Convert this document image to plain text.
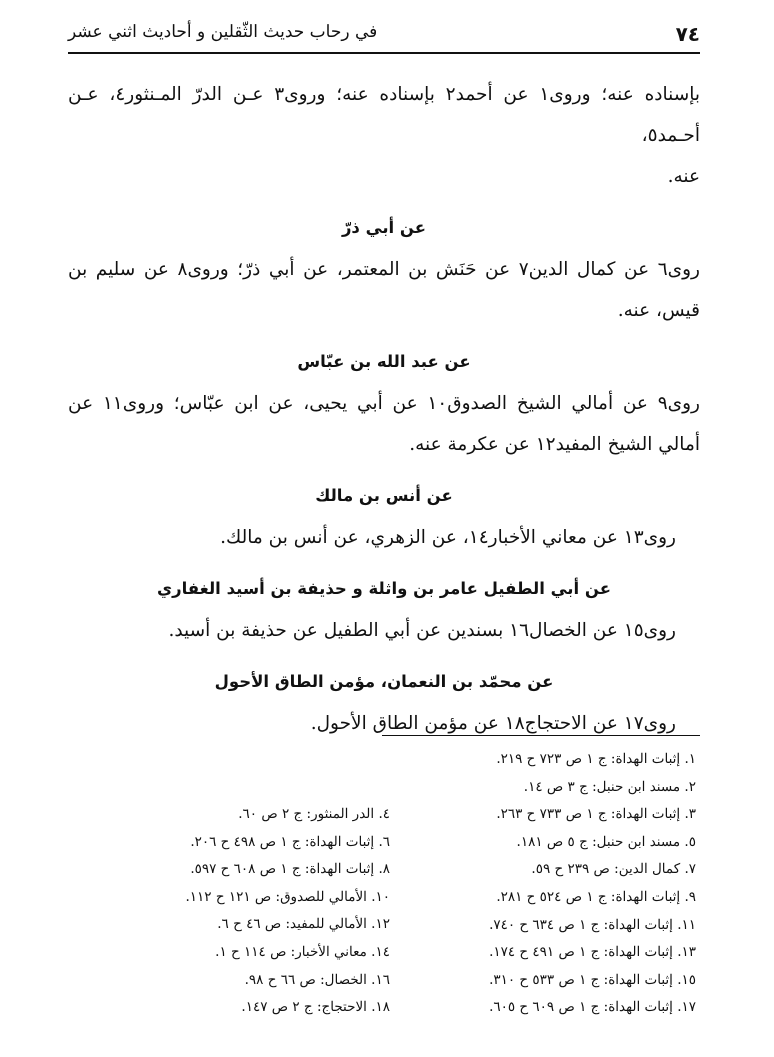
٧٤
في رحاب حديث الثّقلين و أحاديث اثني عشر

بإسناده عنه؛ وروى١ عن أحمد٢ بإسناده عنه؛ وروى٣ عـن الدرّ المـنثور٤، عـن أحـمد٥،
عنه.

عن أبي ذرّ

روى٦ عن كمال الدين٧ عن حَنَش بن المعتمر، عن أبي ذرّ؛ وروى٨ عن سليم بن قيس، عنه.

عن عبد الله بن عبّاس

روى٩ عن أمالي الشيخ الصدوق١٠ عن أبي يحيى، عن ابن عبّاس؛ وروى١١ عن أمالي الشيخ المفيد١٢ عن عكرمة عنه.

عن أنس بن مالك

روى١٣ عن معاني الأخبار١٤، عن الزهري، عن أنس بن مالك.

عن أبي الطفيل عامر بن واثلة و حذيفة بن أسيد الغفاري

روى١٥ عن الخصال١٦ بسندين عن أبي الطفيل عن حذيفة بن أسيد.

عن محمّد بن النعمان، مؤمن الطاق الأحول

روى١٧ عن الاحتجاج١٨ عن مؤمن الطاق الأحول.

١. إثبات الهداة: ج ١ ص ٧٢٣ ح ٢١٩.
٢. مسند ابن حنبل: ج ٣ ص ١٤.
٣. إثبات الهداة: ج ١ ص ٧٣٣ ح ٢٦٣.
٥. مسند ابن حنبل: ج ٥ ص ١٨١.
٧. كمال الدين: ص ٢٣٩ ح ٥٩.
٩. إثبات الهداة: ج ١ ص ٥٢٤ ح ٢٨١.
١١. إثبات الهداة: ج ١ ص ٦٣٤ ح ٧٤٠.
١٣. إثبات الهداة: ج ١ ص ٤٩١ ح ١٧٤.
١٥. إثبات الهداة: ج ١ ص ٥٣٣ ح ٣١٠.
١٧. إثبات الهداة: ج ١ ص ٦٠٩ ح ٦٠٥.
٤. الدر المنثور: ج ٢ ص ٦٠.
٦. إثبات الهداة: ج ١ ص ٤٩٨ ح ٢٠٦.
٨. إثبات الهداة: ج ١ ص ٦٠٨ ح ٥٩٧.
١٠. الأمالي للصدوق: ص ١٢١ ح ١١٢.
١٢. الأمالي للمفيد: ص ٤٦ ح ٦.
١٤. معاني الأخبار: ص ١١٤ ح ١.
١٦. الخصال: ص ٦٦ ح ٩٨.
١٨. الاحتجاج: ج ٢ ص ١٤٧.
